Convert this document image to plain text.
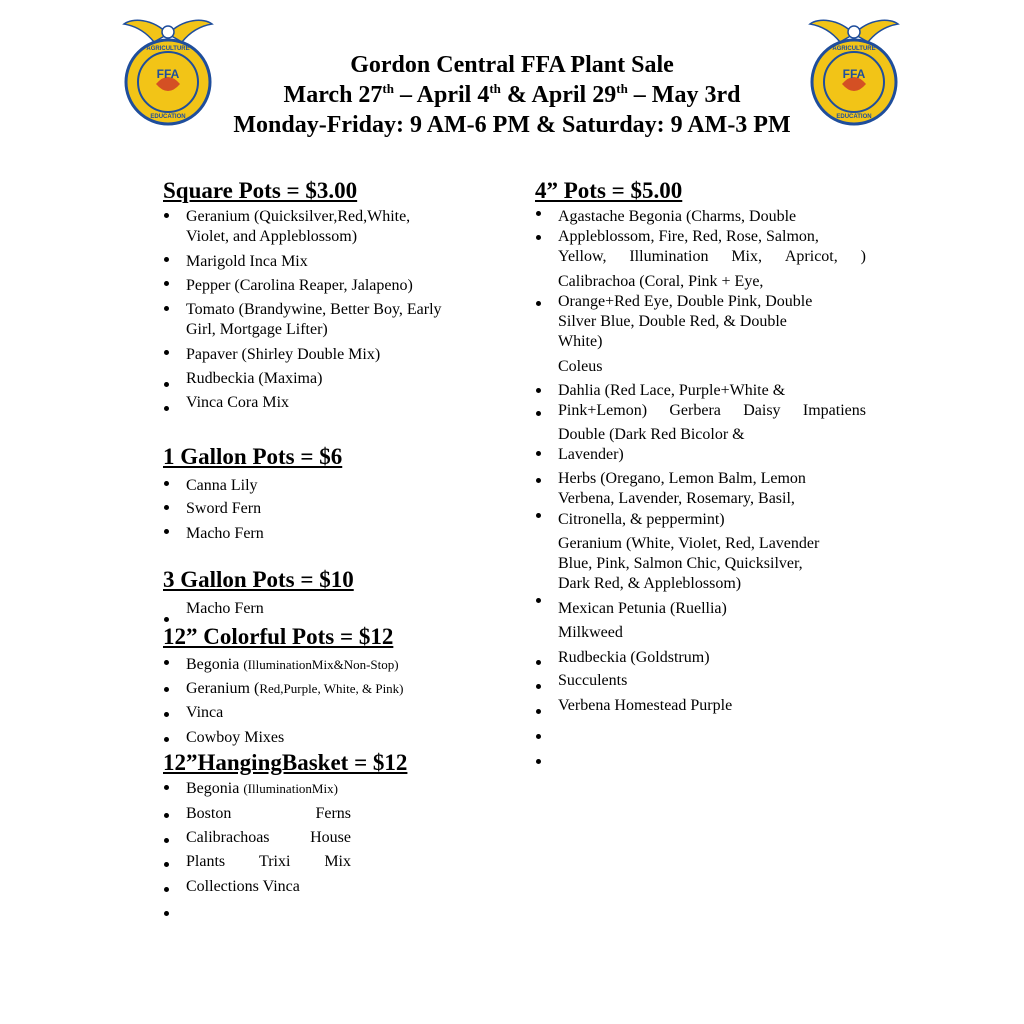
FFA
AGRICULTURE
EDUCATION
FFA
AGRICULTURE
EDUCATION
Gordon Central FFA Plant Sale
March 27th – April 4th & April 29th – May 3rd
Monday-Friday: 9 AM-6 PM & Saturday: 9 AM-3 PM
Square Pots = $3.00
Geranium (Quicksilver,Red,White,
Violet, and Appleblossom)
Marigold Inca Mix
Pepper (Carolina Reaper, Jalapeno)
Tomato (Brandywine, Better Boy, Early
Girl, Mortgage Lifter)
Papaver (Shirley Double Mix)
Rudbeckia (Maxima)
Vinca Cora Mix
1 Gallon Pots = $6
Canna Lily
Sword Fern
Macho Fern
3 Gallon Pots = $10
Macho Fern
12” Colorful Pots = $12
Begonia (IlluminationMix&Non-Stop)
Geranium (Red,Purple, White, & Pink)
Vinca
Cowboy Mixes
12”HangingBasket = $12
Begonia (IlluminationMix)
Boston	Ferns
Calibrachoas	House
Plants Trixi Mix
Collections Vinca
4” Pots = $5.00
Agastache Begonia (Charms, Double
Appleblossom, Fire, Red, Rose, Salmon,
Yellow, Illumination Mix, Apricot, )
Calibrachoa (Coral, Pink + Eye,
Orange+Red Eye, Double Pink, Double
Silver Blue, Double Red, & Double
White)
Coleus
Dahlia (Red Lace, Purple+White &
Pink+Lemon) Gerbera Daisy Impatiens
Double (Dark Red Bicolor &
Lavender)
Herbs (Oregano, Lemon Balm, Lemon
Verbena, Lavender, Rosemary, Basil,
Citronella, & peppermint)
Geranium (White, Violet, Red, Lavender
Blue, Pink, Salmon Chic, Quicksilver,
Dark Red, & Appleblossom)
Mexican Petunia (Ruellia)
Milkweed
Rudbeckia (Goldstrum)
Succulents
Verbena Homestead Purple
